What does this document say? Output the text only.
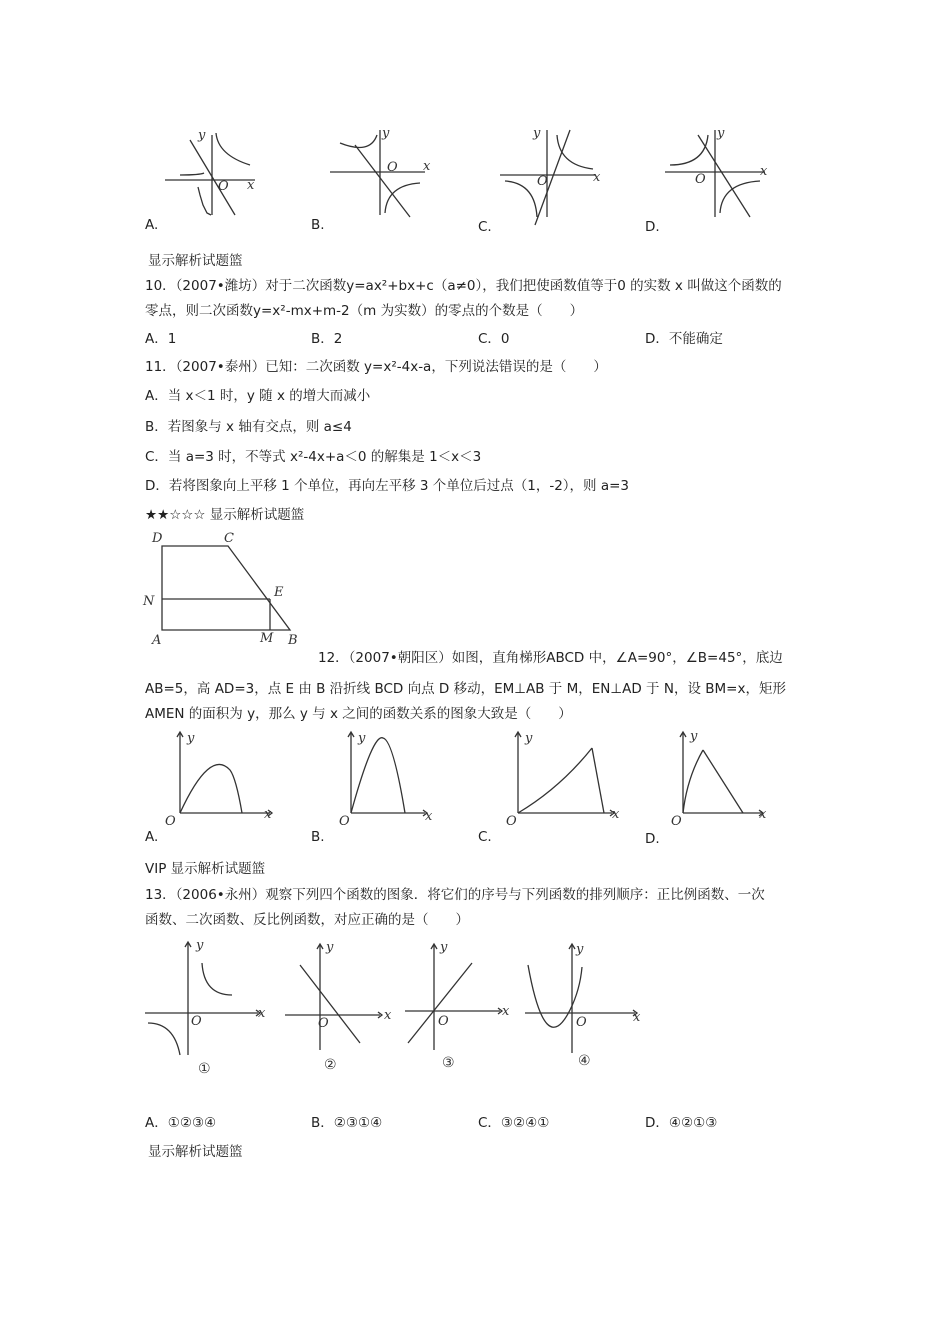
y
O x
y
O x
y
O	x
y
O
x
A.	B.	C.	D.
显示解析试题篮
10．（2007•潍坊）对于二次函数y=ax²+bx+c（a≠0），我们把使函数值等于0 的实数 x 叫做这个函数的
零点，则二次函数y=x²-mx+m-2（m 为实数）的零点的个数是（　　）
A．1	B．2	C．0	D．不能确定
11．（2007•泰州）已知：二次函数 y=x²-4x-a，下列说法错误的是（　　）
A．当 x＜1 时，y 随 x 的增大而减小
B．若图象与 x 轴有交点，则 a≤4
C．当 a=3 时，不等式 x²-4x+a＜0 的解集是 1＜x＜3
D．若将图象向上平移 1 个单位，再向左平移 3 个单位后过点（1，-2），则 a=3
★★☆☆☆ 显示解析试题篮
D	C
E
N
A	M B
12．（2007•朝阳区）如图，直角梯形ABCD 中，∠A=90°，∠B=45°，底边
AB=5，高 AD=3，点 E 由 B 沿折线 BCD 向点 D 移动，EM⊥AB 于 M，EN⊥AD 于 N，设 BM=x，矩形
AMEN 的面积为 y，那么 y 与 x 之间的函数关系的图象大致是（　　）
y
O	x
y
O	x
y
O	x
y
O	x
A.	B.	C.	D.
VIP 显示解析试题篮
13．（2006•永州）观察下列四个函数的图象．将它们的序号与下列函数的排列顺序：正比例函数、一次
函数、二次函数、反比例函数，对应正确的是（　　）
y
O
x
①
y
O
x
②
y
O
x
③
y
O	x
④
A．①②③④	B．②③①④	C．③②④①	D．④②①③
显示解析试题篮
